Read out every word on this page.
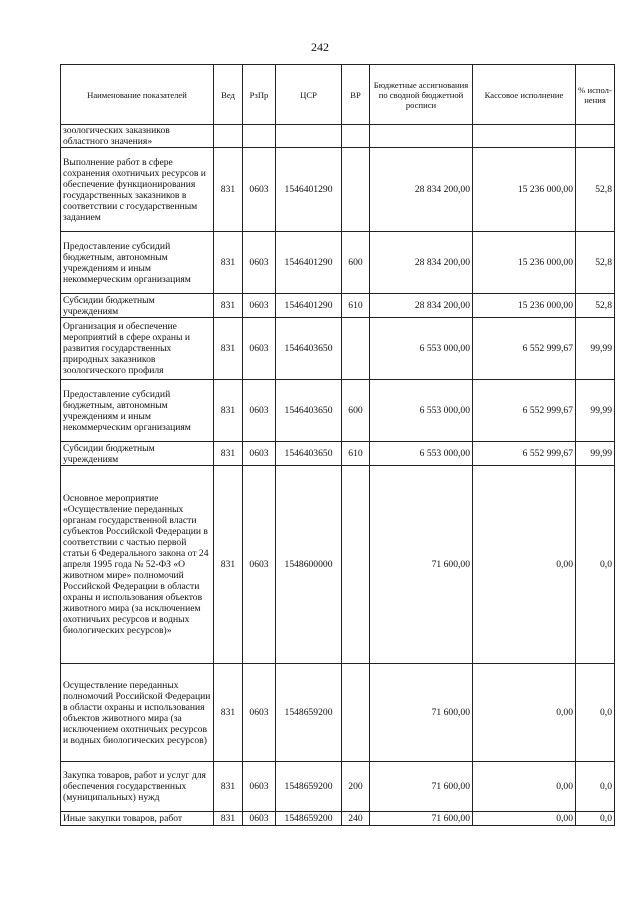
242
Наименование показателей	Вед	РзПр	ЦСР	ВР	Бюджетные ассигнования по сводной бюджетной росписи	Кассовое исполнение	% испол- нения
зоологических заказников областного значения»							
Выполнение работ в сфере сохранения охотничьих ресурсов и обеспечение функционирования государственных заказников в соответствии с государственным заданием	831	0603	1546401290		28 834 200,00	15 236 000,00	52,8
Предоставление субсидий бюджетным, автономным учреждениям и иным некоммерческим организациям	831	0603	1546401290	600	28 834 200,00	15 236 000,00	52,8
Субсидии бюджетным учреждениям	831	0603	1546401290	610	28 834 200,00	15 236 000,00	52,8
Организация и обеспечение мероприятий в сфере охраны и развития государственных природных заказников зоологического профиля	831	0603	1546403650		6 553 000,00	6 552 999,67	99,99
Предоставление субсидий бюджетным, автономным учреждениям и иным некоммерческим организациям	831	0603	1546403650	600	6 553 000,00	6 552 999,67	99,99
Субсидии бюджетным учреждениям	831	0603	1546403650	610	6 553 000,00	6 552 999,67	99,99
Основное мероприятие «Осуществление переданных органам государственной власти субъектов Российской Федерации в соответствии с частью первой статьи 6 Федерального закона от 24 апреля 1995 года № 52-ФЗ «О животном мире» полномочий Российской Федерации в области охраны и использования объектов животного мира (за исключением охотничьих ресурсов и водных биологических ресурсов)»	831	0603	1548600000		71 600,00	0,00	0,0
Осуществление переданных полномочий Российской Федерации в области охраны и использования объектов животного мира (за исключением охотничьих ресурсов и водных биологических ресурсов)	831	0603	1548659200		71 600,00	0,00	0,0
Закупка товаров, работ и услуг для обеспечения государственных (муниципальных) нужд	831	0603	1548659200	200	71 600,00	0,00	0,0
Иные закупки товаров, работ	831	0603	1548659200	240	71 600,00	0,00	0,0
